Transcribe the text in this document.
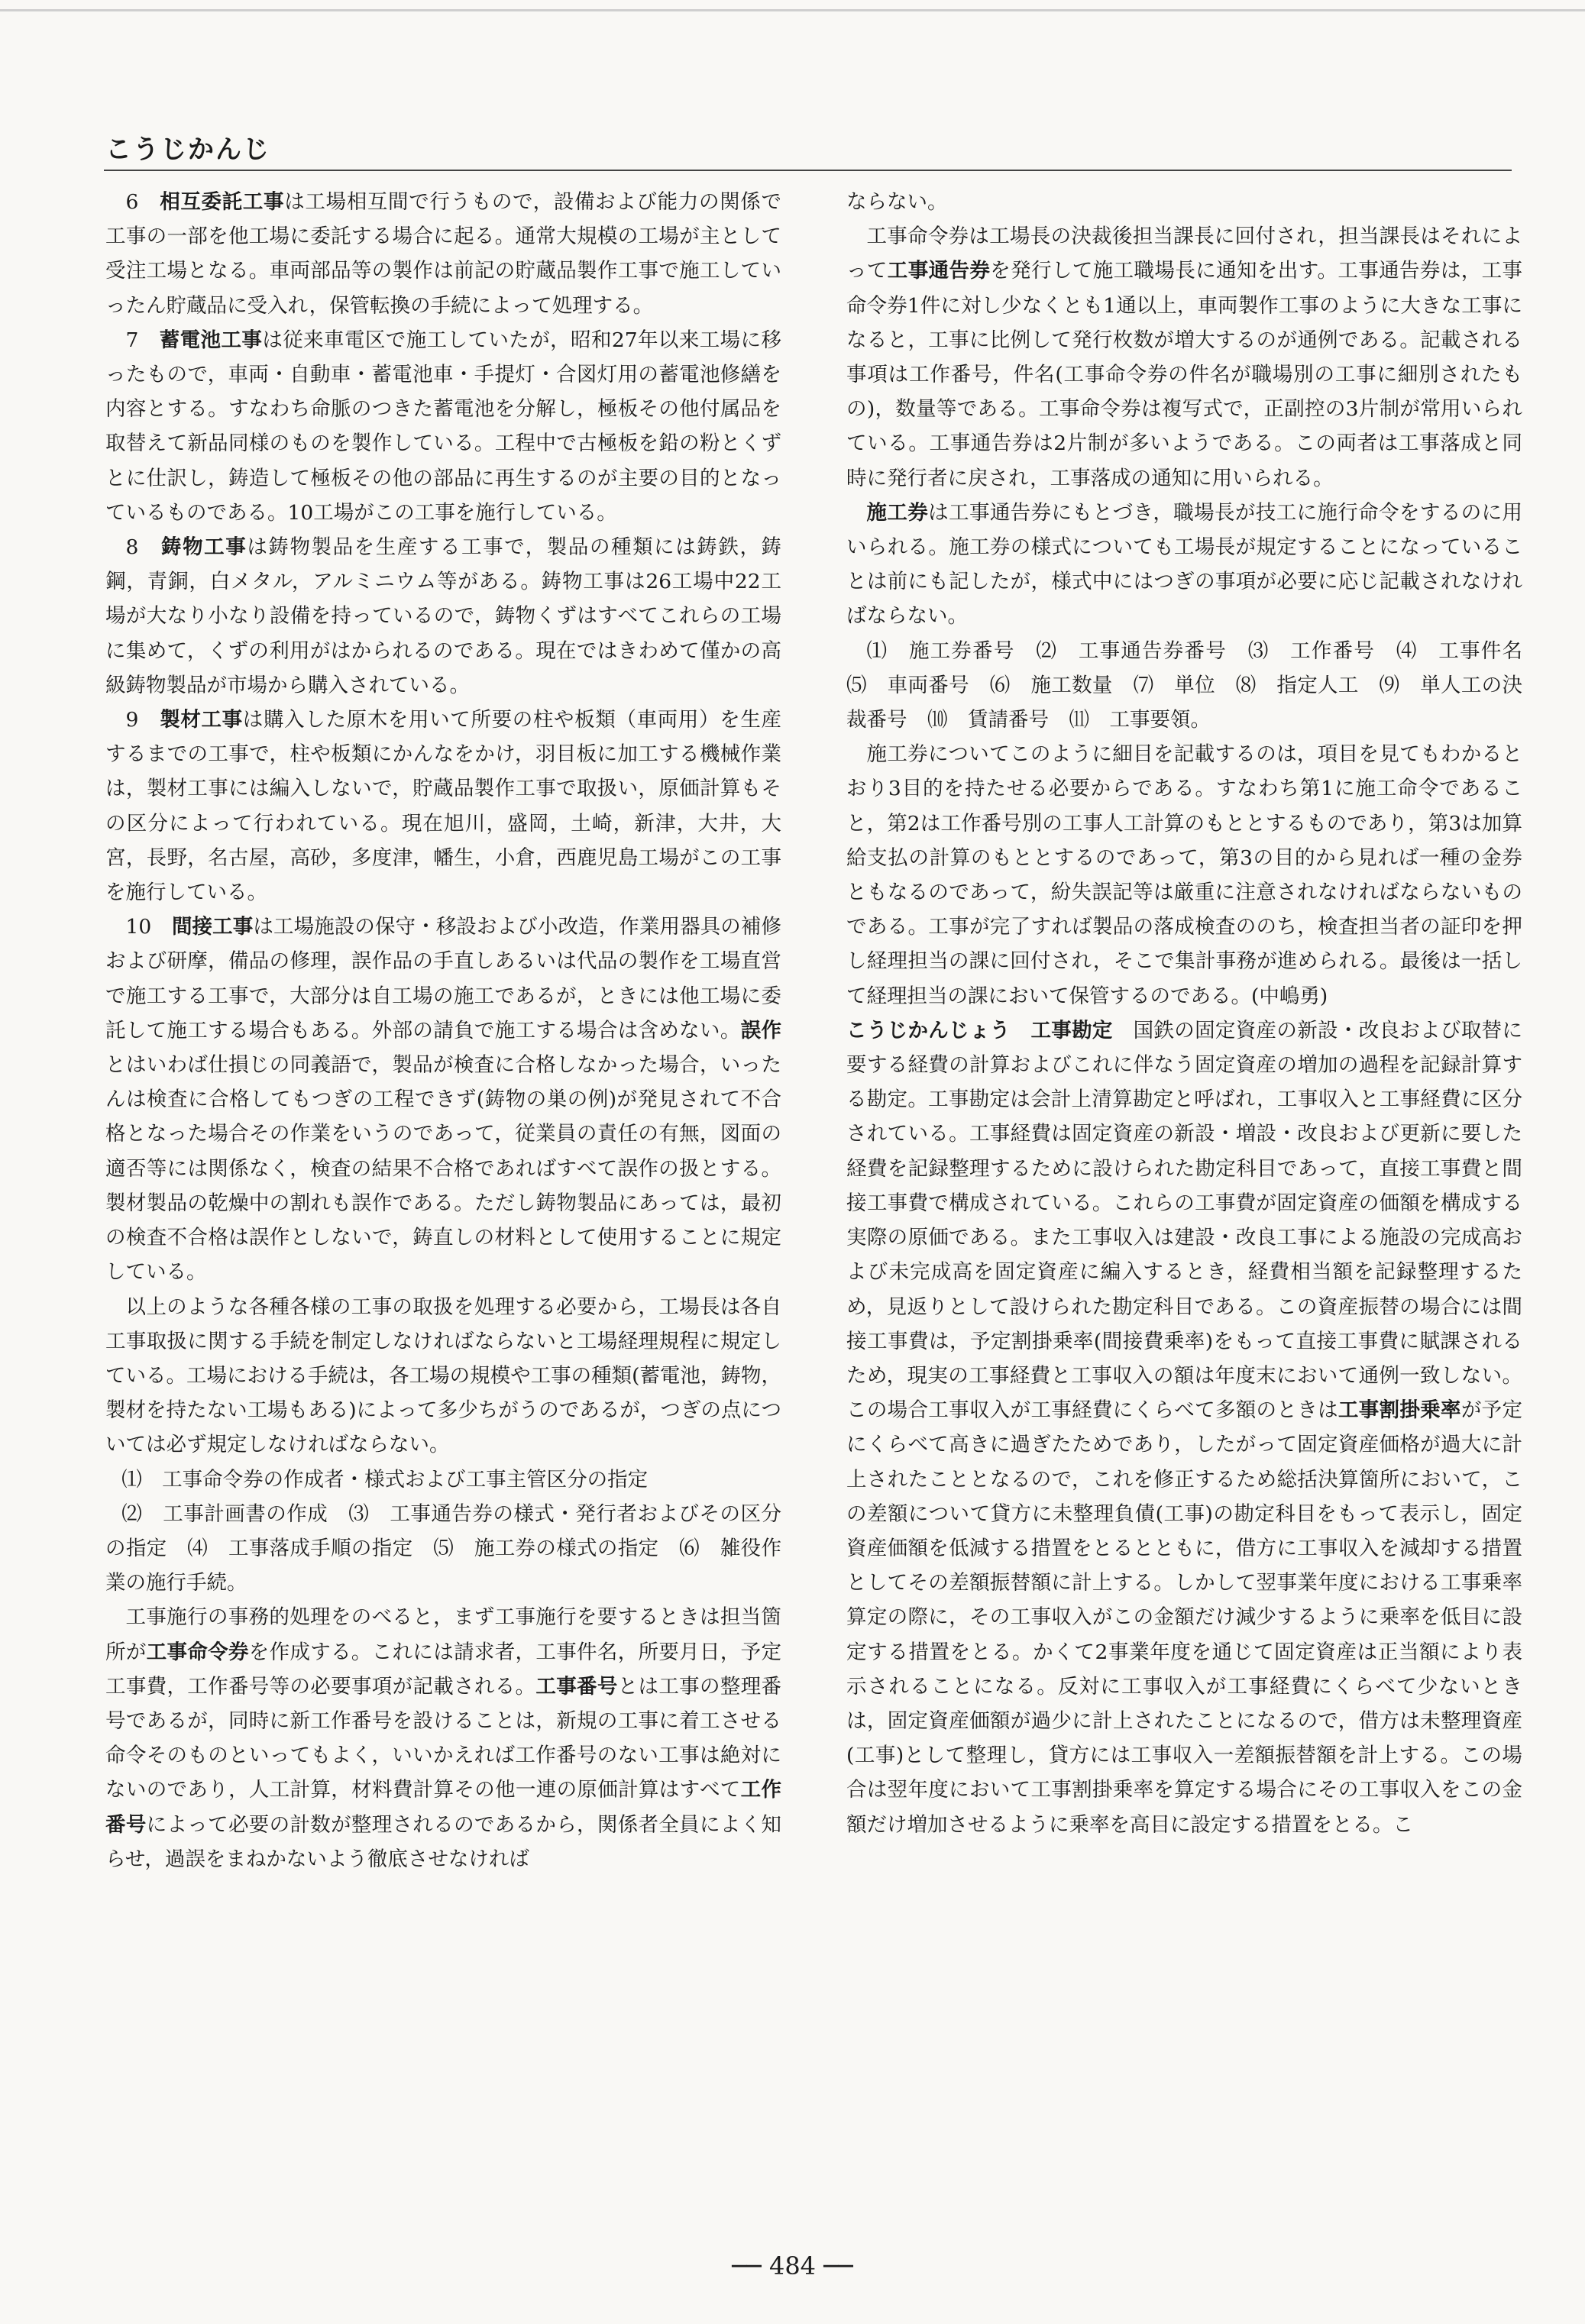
こうじかんじ

6　 相互委託工事は工場相互間で行うもので，設備および能力の関係で工事の一部を他工場に委託する場合に起る。通常大規模の工場が主として受注工場となる。車両部品等の製作は前記の貯蔵品製作工事で施工していったん貯蔵品に受入れ，保管転換の手続によって処理する。

7　 蓄電池工事は従来車電区で施工していたが，昭和27年以来工場に移ったもので，車両・自動車・蓄電池車・手提灯・合図灯用の蓄電池修繕を内容とする。すなわち命脈のつきた蓄電池を分解し，極板その他付属品を取替えて新品同様のものを製作している。工程中で古極板を鉛の粉とくずとに仕訳し，鋳造して極板その他の部品に再生するのが主要の目的となっているものである。10工場がこの工事を施行している。

8　 鋳物工事は鋳物製品を生産する工事で，製品の種類には鋳鉄，鋳鋼，青銅，白メタル，アルミニウム等がある。鋳物工事は26工場中22工場が大なり小なり設備を持っているので，鋳物くずはすべてこれらの工場に集めて，くずの利用がはかられるのである。現在ではきわめて僅かの高級鋳物製品が市場から購入されている。

9　 製材工事は購入した原木を用いて所要の柱や板類（車両用）を生産するまでの工事で，柱や板類にかんなをかけ，羽目板に加工する機械作業は，製材工事には編入しないで，貯蔵品製作工事で取扱い，原価計算もその区分によって行われている。現在旭川，盛岡，土崎，新津，大井，大宮，長野，名古屋，高砂，多度津，幡生，小倉，西鹿児島工場がこの工事を施行している。

10　 間接工事は工場施設の保守・移設および小改造，作業用器具の補修および研摩，備品の修理，誤作品の手直しあるいは代品の製作を工場直営で施工する工事で，大部分は自工場の施工であるが，ときには他工場に委託して施工する場合もある。外部の請負で施工する場合は含めない。誤作とはいわば仕損じの同義語で，製品が検査に合格しなかった場合，いったんは検査に合格してもつぎの工程できず(鋳物の巣の例)が発見されて不合格となった場合その作業をいうのであって，従業員の責任の有無，図面の適否等には関係なく，検査の結果不合格であればすべて誤作の扱とする。製材製品の乾燥中の割れも誤作である。ただし鋳物製品にあっては，最初の検査不合格は誤作としないで，鋳直しの材料として使用することに規定している。

以上のような各種各様の工事の取扱を処理する必要から，工場長は各自工事取扱に関する手続を制定しなければならないと工場経理規程に規定している。工場における手続は，各工場の規模や工事の種類(蓄電池，鋳物，製材を持たない工場もある)によって多少ちがうのであるが，つぎの点については必ず規定しなければならない。

⑴　工事命令券の作成者・様式および工事主管区分の指定

⑵　工事計画書の作成　⑶　工事通告券の様式・発行者およびその区分の指定　⑷　工事落成手順の指定　⑸　施工券の様式の指定　⑹　雑役作業の施行手続。

工事施行の事務的処理をのべると，まず工事施行を要するときは担当箇所が工事命令券を作成する。これには請求者，工事件名，所要月日，予定工事費，工作番号等の必要事項が記載される。工事番号とは工事の整理番号であるが，同時に新工作番号を設けることは，新規の工事に着工させる命令そのものといってもよく，いいかえれば工作番号のない工事は絶対にないのであり，人工計算，材料費計算その他一連の原価計算はすべて工作番号によって必要の計数が整理されるのであるから，関係者全員によく知らせ，過誤をまねかないよう徹底させなければ

ならない。

工事命令券は工場長の決裁後担当課長に回付され，担当課長はそれによって工事通告券を発行して施工職場長に通知を出す。工事通告券は，工事命令券1件に対し少なくとも1通以上，車両製作工事のように大きな工事になると，工事に比例して発行枚数が増大するのが通例である。記載される事項は工作番号，件名(工事命令券の件名が職場別の工事に細別されたもの)，数量等である。工事命令券は複写式で，正副控の3片制が常用いられている。工事通告券は2片制が多いようである。この両者は工事落成と同時に発行者に戻され，工事落成の通知に用いられる。

施工券は工事通告券にもとづき，職場長が技工に施行命令をするのに用いられる。施工券の様式についても工場長が規定することになっていることは前にも記したが，様式中にはつぎの事項が必要に応じ記載されなければならない。

⑴　施工券番号　⑵　工事通告券番号　⑶　工作番号　⑷　工事件名　⑸　車両番号　⑹　施工数量　⑺　単位　⑻　指定人工　⑼　単人工の決裁番号　⑽　賃請番号　⑾　工事要領。

施工券についてこのように細目を記載するのは，項目を見てもわかるとおり3目的を持たせる必要からである。すなわち第1に施工命令であること，第2は工作番号別の工事人工計算のもととするものであり，第3は加算給支払の計算のもととするのであって，第3の目的から見れば一種の金券ともなるのであって，紛失誤記等は厳重に注意されなければならないものである。工事が完了すれば製品の落成検査ののち，検査担当者の証印を押し経理担当の課に回付され，そこで集計事務が進められる。最後は一括して経理担当の課において保管するのである。(中嶋勇)

こうじかんじょう　 工事勘定　 国鉄の固定資産の新設・改良および取替に要する経費の計算およびこれに伴なう固定資産の増加の過程を記録計算する勘定。工事勘定は会計上清算勘定と呼ばれ，工事収入と工事経費に区分されている。工事経費は固定資産の新設・増設・改良および更新に要した経費を記録整理するために設けられた勘定科目であって，直接工事費と間接工事費で構成されている。これらの工事費が固定資産の価額を構成する実際の原価である。また工事収入は建設・改良工事による施設の完成高および未完成高を固定資産に編入するとき，経費相当額を記録整理するため，見返りとして設けられた勘定科目である。この資産振替の場合には間接工事費は，予定割掛乗率(間接費乗率)をもって直接工事費に賦課されるため，現実の工事経費と工事収入の額は年度末において通例一致しない。この場合工事収入が工事経費にくらべて多額のときは工事割掛乗率が予定にくらべて高きに過ぎたためであり，したがって固定資産価格が過大に計上されたこととなるので，これを修正するため総括決算箇所において，この差額について貸方に未整理負債(工事)の勘定科目をもって表示し，固定資産価額を低減する措置をとるとともに，借方に工事収入を減却する措置としてその差額振替額に計上する。しかして翌事業年度における工事乗率算定の際に，その工事収入がこの金額だけ減少するように乗率を低目に設定する措置をとる。かくて2事業年度を通じて固定資産は正当額により表示されることになる。反対に工事収入が工事経費にくらべて少ないときは，固定資産価額が過少に計上されたことになるので，借方は未整理資産(工事)として整理し，貸方には工事収入一差額振替額を計上する。この場合は翌年度において工事割掛乗率を算定する場合にその工事収入をこの金額だけ増加させるように乗率を高目に設定する措置をとる。こ

── 484 ──
